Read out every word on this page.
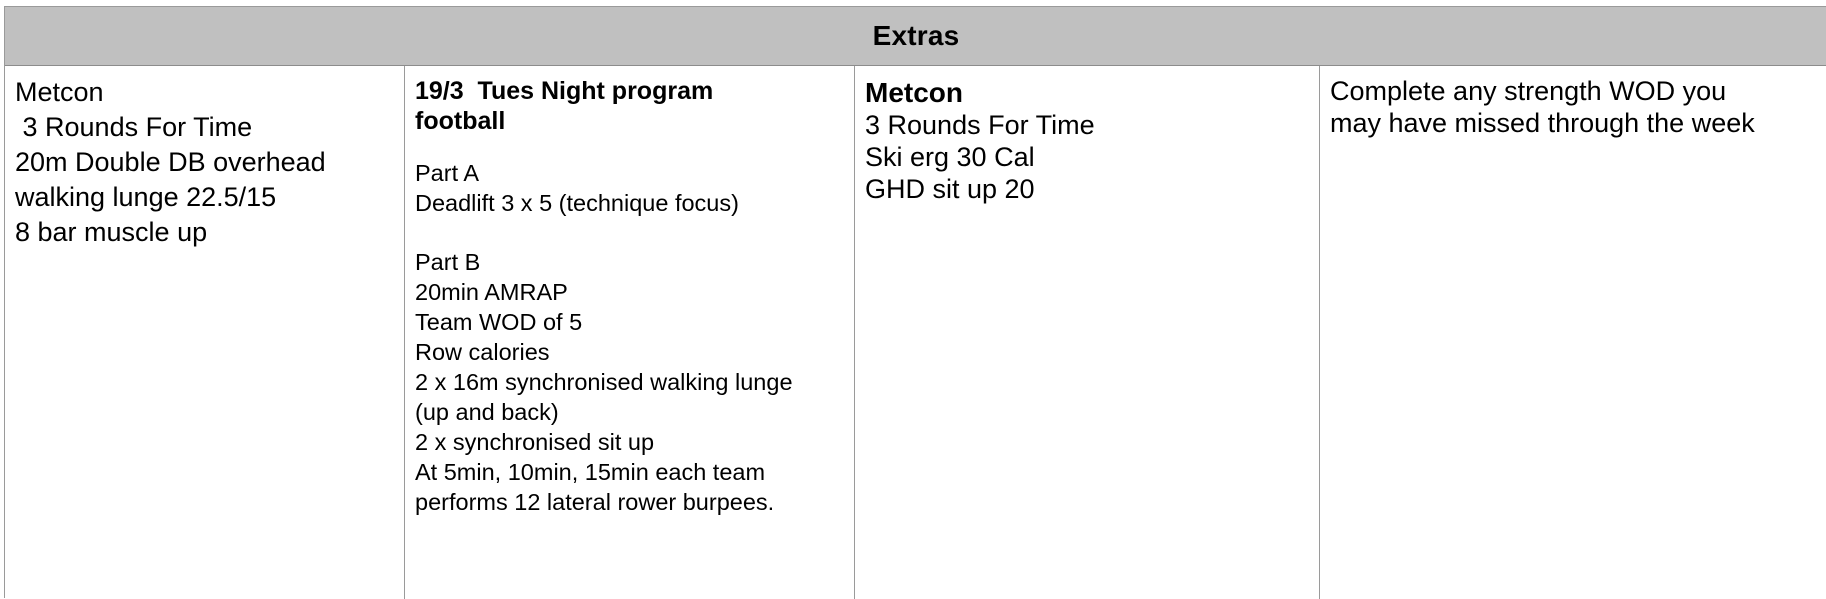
Extras
Metcon
3 Rounds For Time
20m Double DB overhead
walking lunge 22.5/15
8 bar muscle up
19/3  Tues Night program
football
Part A
Deadlift 3 x 5 (technique focus)
Part B
20min AMRAP
Team WOD of 5
Row calories
2 x 16m synchronised walking lunge
(up and back)
2 x synchronised sit up
At 5min, 10min, 15min each team
performs 12 lateral rower burpees.
Metcon
3 Rounds For Time
Ski erg 30 Cal
GHD sit up 20
Complete any strength WOD you
may have missed through the week
